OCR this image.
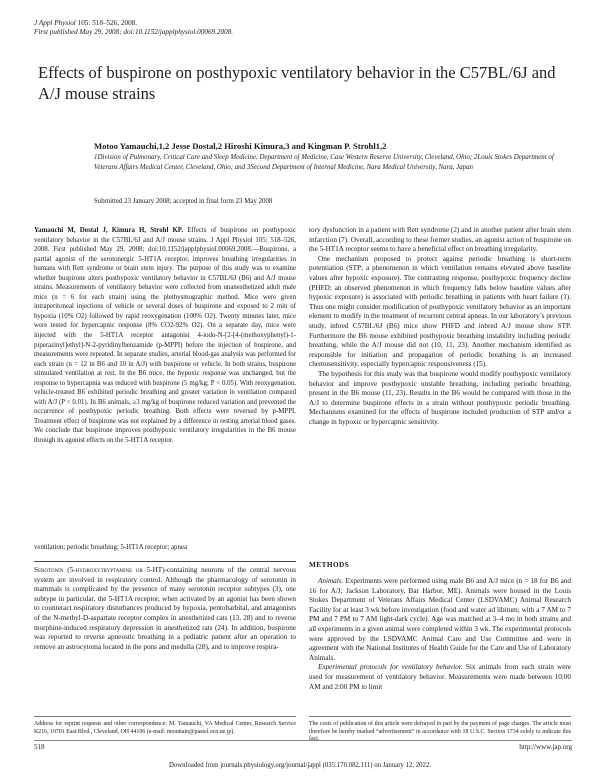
J Appl Physiol 105: 518–526, 2008.
First published May 29, 2008; doi:10.1152/japplphysiol.00069.2008.
Effects of buspirone on posthypoxic ventilatory behavior in the C57BL/6J and A/J mouse strains
Motoo Yamauchi,1,2 Jesse Dostal,2 Hiroshi Kimura,3 and Kingman P. Strohl1,2
1Division of Pulmonary, Critical Care and Sleep Medicine, Department of Medicine, Case Western Reserve University, Cleveland, Ohio; 2Louis Stokes Department of Veterans Affairs Medical Center, Cleveland, Ohio; and 3Second Department of Internal Medicine, Nara Medical University, Nara, Japan
Submitted 23 January 2008; accepted in final form 23 May 2008

Yamauchi M, Dostal J, Kimura H, Strohl KP. Effects of buspirone on posthypoxic ventilatory behavior in the C57BL/6J and A/J mouse strains. J Appl Physiol 105: 518–526, 2008. First published May 29, 2008; doi:10.1152/japplphysiol.00069.2008.—Buspirone, a partial agonist of the serotonergic 5-HT1A receptor, improves breathing irregularities in humans with Rett syndrome or brain stem injury. The purpose of this study was to examine whether buspirone alters posthypoxic ventilatory behavior in C57BL/6J (B6) and A/J mouse strains. Measurements of ventilatory behavior were collected from unanesthetized adult male mice (n = 6 for each strain) using the plethysmographic method. Mice were given intraperitoneal injections of vehicle or several doses of buspirone and exposed to 2 min of hypoxia (10% O2) followed by rapid reoxygenation (100% O2). Twenty minutes later, mice were tested for hypercapnic response (8% CO2-92% O2). On a separate day, mice were injected with the 5-HT1A receptor antagonist 4-iodo-N-[2-[4-(methoxyphenyl)-1-piperazinyl]ethyl]-N-2-pyridinylbenzamide (p-MPPI) before the injection of buspirone, and measurements were repeated. In separate studies, arterial blood-gas analysis was performed for each strain (n = 12 in B6 and 10 in A/J) with buspirone or vehicle. In both strains, buspirone stimulated ventilation at rest. In the B6 mice, the hypoxic response was unchanged, but the response to hypercapnia was reduced with buspirone (5 mg/kg; P < 0.05). With reoxygenation, vehicle-treated B6 exhibited periodic breathing and greater variation in ventilation compared with A/J (P < 0.01). In B6 animals, ≥3 mg/kg of buspirone reduced variation and prevented the occurrence of posthypoxic periodic breathing. Both effects were reversed by p-MPPI. Treatment effect of buspirone was not explained by a difference in resting arterial blood gases. We conclude that buspirone improves posthypoxic ventilatory irregularities in the B6 mouse through its agonist effects on the 5-HT1A receptor.

ventilation; periodic breathing; 5-HT1A receptor; apnea

Serotonin (5-hydroxytryptamine or 5-HT)-containing neurons of the central nervous system are involved in respiratory control. Although the pharmacology of serotonin in mammals is complicated by the presence of many serotonin receptor subtypes (3), one subtype in particular, the 5-HT1A receptor, when activated by an agonist has been shown to counteract respiratory disturbances produced by hypoxia, pentobarbital, and antagonists of the N-methyl-D-aspartate receptor complex in anesthetized cats (13, 28) and to reverse morphine-induced respiratory depression in anesthetized rats (24). In addition, buspirone was reported to reverse apneustic breathing in a pediatric patient after an operation to remove an astrocytoma located in the pons and medulla (28), and to improve respira-

tory dysfunction in a patient with Rett syndrome (2) and in another patient after brain stem infarction (7). Overall, according to these former studies, an agonist action of buspirone on the 5-HT1A receptor seems to have a beneficial effect on breathing irregularity.

One mechanism proposed to protect against periodic breathing is short-term potentiation (STP; a phenomenon in which ventilation remains elevated above baseline values after hypoxic exposure). The contrasting response, posthypoxic frequency decline (PHFD; an observed phenomenon in which frequency falls below baseline values after hypoxic exposure) is associated with periodic breathing in patients with heart failure (1). Thus one might consider modification of posthypoxic ventilatory behavior as an important element to modify in the treatment of recurrent central apneas. In our laboratory’s previous study, inbred C57BL/6J (B6) mice show PHFD and inbred A/J mouse show STP. Furthermore the B6 mouse exhibited posthypoxic breathing instability including periodic breathing, while the A/J mouse did not (10, 11, 23). Another mechanism identified as responsible for initiation and propagation of periodic breathing is an increased chemosensitivity, especially hypercapnic responsiveness (15).

The hypothesis for this study was that buspirone would modify posthypoxic ventilatory behavior and improve posthypoxic unstable breathing, including periodic breathing, present in the B6 mouse (11, 23). Results in the B6 would be compared with those in the A/J to determine buspirone effects in a strain without posthypoxic periodic breathing. Mechanisms examined for the effects of buspirone included production of STP and/or a change in hypoxic or hypercapnic sensitivity.

METHODS

Animals. Experiments were performed using male B6 and A/J mice (n = 18 for B6 and 16 for A/J; Jackson Laboratory, Bar Harbor, ME). Animals were housed in the Louis Stokes Department of Veterans Affairs Medical Center (LSDVAMC) Animal Research Facility for at least 3 wk before investigation (food and water ad libitum; with a 7 AM to 7 PM and 7 PM to 7 AM light-dark cycle). Age was matched at 3–4 mo in both strains and all experiments in a given animal were completed within 3 wk. The experimental protocols were approved by the LSDVAMC Animal Care and Use Committee and were in agreement with the National Institutes of Health Guide for the Care and Use of Laboratory Animals.

Experimental protocols for ventilatory behavior. Six animals from each strain were used for measurement of ventilatory behavior. Measurements were made between 10:00 AM and 2:00 PM to limit

Address for reprint requests and other correspondence: M. Yamauchi, VA Medical Center, Research Service K216, 10701 East Blvd., Cleveland, OH 44106 (e-mail: mountain@pastel.ocn.ne.jp).
The costs of publication of this article were defrayed in part by the payment of page charges. The article must therefore be hereby marked “advertisement” in accordance with 18 U.S.C. Section 1734 solely to indicate this fact.
518	http://www.jap.org
Downloaded from journals.physiology.org/journal/jappl (035.170.082.111) on January 12, 2022.
